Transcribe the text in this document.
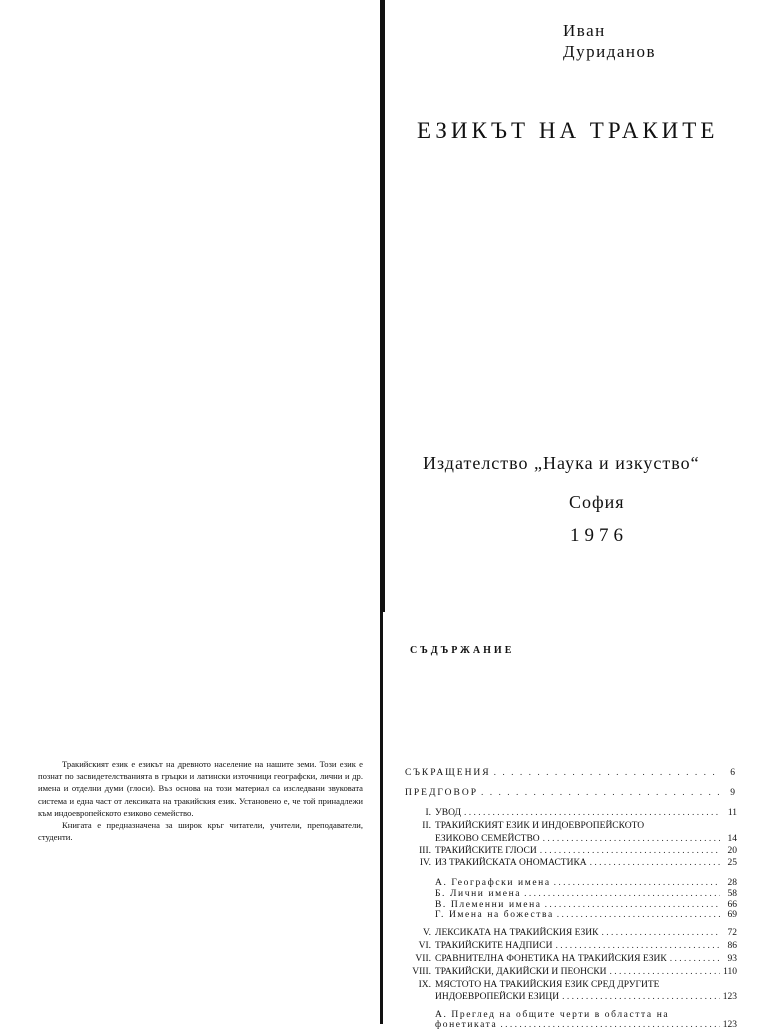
Иван
Дуриданов
ЕЗИКЪТ НА ТРАКИТЕ
Издателство „Наука и изкуство“
София
1976
СЪДЪРЖАНИЕ

Тракийският език е езикът на древното население на нашите земи. Този език е познат по засвидетелстванията в гръцки и латински източници географски, лични и др. имена и отделни думи (глоси). Въз основа на този материал са изследвани звуковата система и една част от лексиката на тракийския език. Установено е, че той принадлежи към индоевропейското езиково семейство.

Книгата е предназначена за широк кръг читатели, учители, преподаватели, студенти.

СЪКРАЩЕНИЯ . . .	6
ПРЕДГОВОР . . .	9
I. УВОД . . .	11
II. ТРАКИЙСКИЯТ ЕЗИК И ИНДОЕВРОПЕЙСКОТО
ЕЗИКОВО СЕМЕЙСТВО . . .	14
III. ТРАКИЙСКИТЕ ГЛОСИ . . .	20
IV. ИЗ ТРАКИЙСКАТА ОНОМАСТИКА . . .	25
А. Географски имена . . .	28
Б. Лични имена . . .	58
В. Племенни имена . . .	66
Г. Имена на божества . . .	69
V. ЛЕКСИКАТА НА ТРАКИЙСКИЯ ЕЗИК . . .	72
VI. ТРАКИЙСКИТЕ НАДПИСИ . . .	86
VII. СРАВНИТЕЛНА ФОНЕТИКА НА ТРАКИЙСКИЯ ЕЗИК . . .	93
VIII. ТРАКИЙСКИ, ДАКИЙСКИ И ПЕОНСКИ . . .	110
IX. МЯСТОТО НА ТРАКИЙСКИЯ ЕЗИК СРЕД ДРУГИТЕ
ИНДОЕВРОПЕЙСКИ ЕЗИЦИ . . .	123
А. Преглед на общите черти в областта на
фонетиката . . .	123
